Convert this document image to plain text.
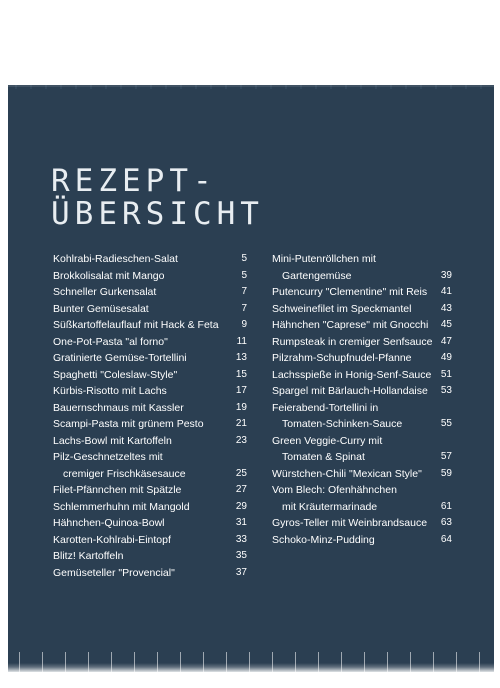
REZEPT-
ÜBERSICHT
Kohlrabi-Radieschen-Salat	5
Brokkolisalat mit Mango	5
Schneller Gurkensalat	7
Bunter Gemüsesalat	7
Süßkartoffelauflauf mit Hack & Feta	9
One-Pot-Pasta "al forno"	11
Gratinierte Gemüse-Tortellini	13
Spaghetti "Coleslaw-Style"	15
Kürbis-Risotto mit Lachs	17
Bauernschmaus mit Kassler	19
Scampi-Pasta mit grünem Pesto	21
Lachs-Bowl mit Kartoffeln	23
Pilz-Geschnetzeltes mit
cremiger Frischkäsesauce	25
Filet-Pfännchen mit Spätzle	27
Schlemmerhuhn mit Mangold	29
Hähnchen-Quinoa-Bowl	31
Karotten-Kohlrabi-Eintopf	33
Blitz! Kartoffeln	35
Gemüseteller "Provencial"	37
Mini-Putenröllchen mit
Gartengemüse	39
Putencurry "Clementine" mit Reis	41
Schweinefilet im Speckmantel	43
Hähnchen "Caprese" mit Gnocchi	45
Rumpsteak in cremiger Senfsauce 47
Pilzrahm-Schupfnudel-Pfanne	49
Lachsspieße in Honig-Senf-Sauce 51
Spargel mit Bärlauch-Hollandaise	53
Feierabend-Tortellini in
Tomaten-Schinken-Sauce	55
Green Veggie-Curry mit
Tomaten & Spinat	57
Würstchen-Chili "Mexican Style"	59
Vom Blech: Ofenhähnchen
mit Kräutermarinade	61
Gyros-Teller mit Weinbrandsauce	63
Schoko-Minz-Pudding	64
